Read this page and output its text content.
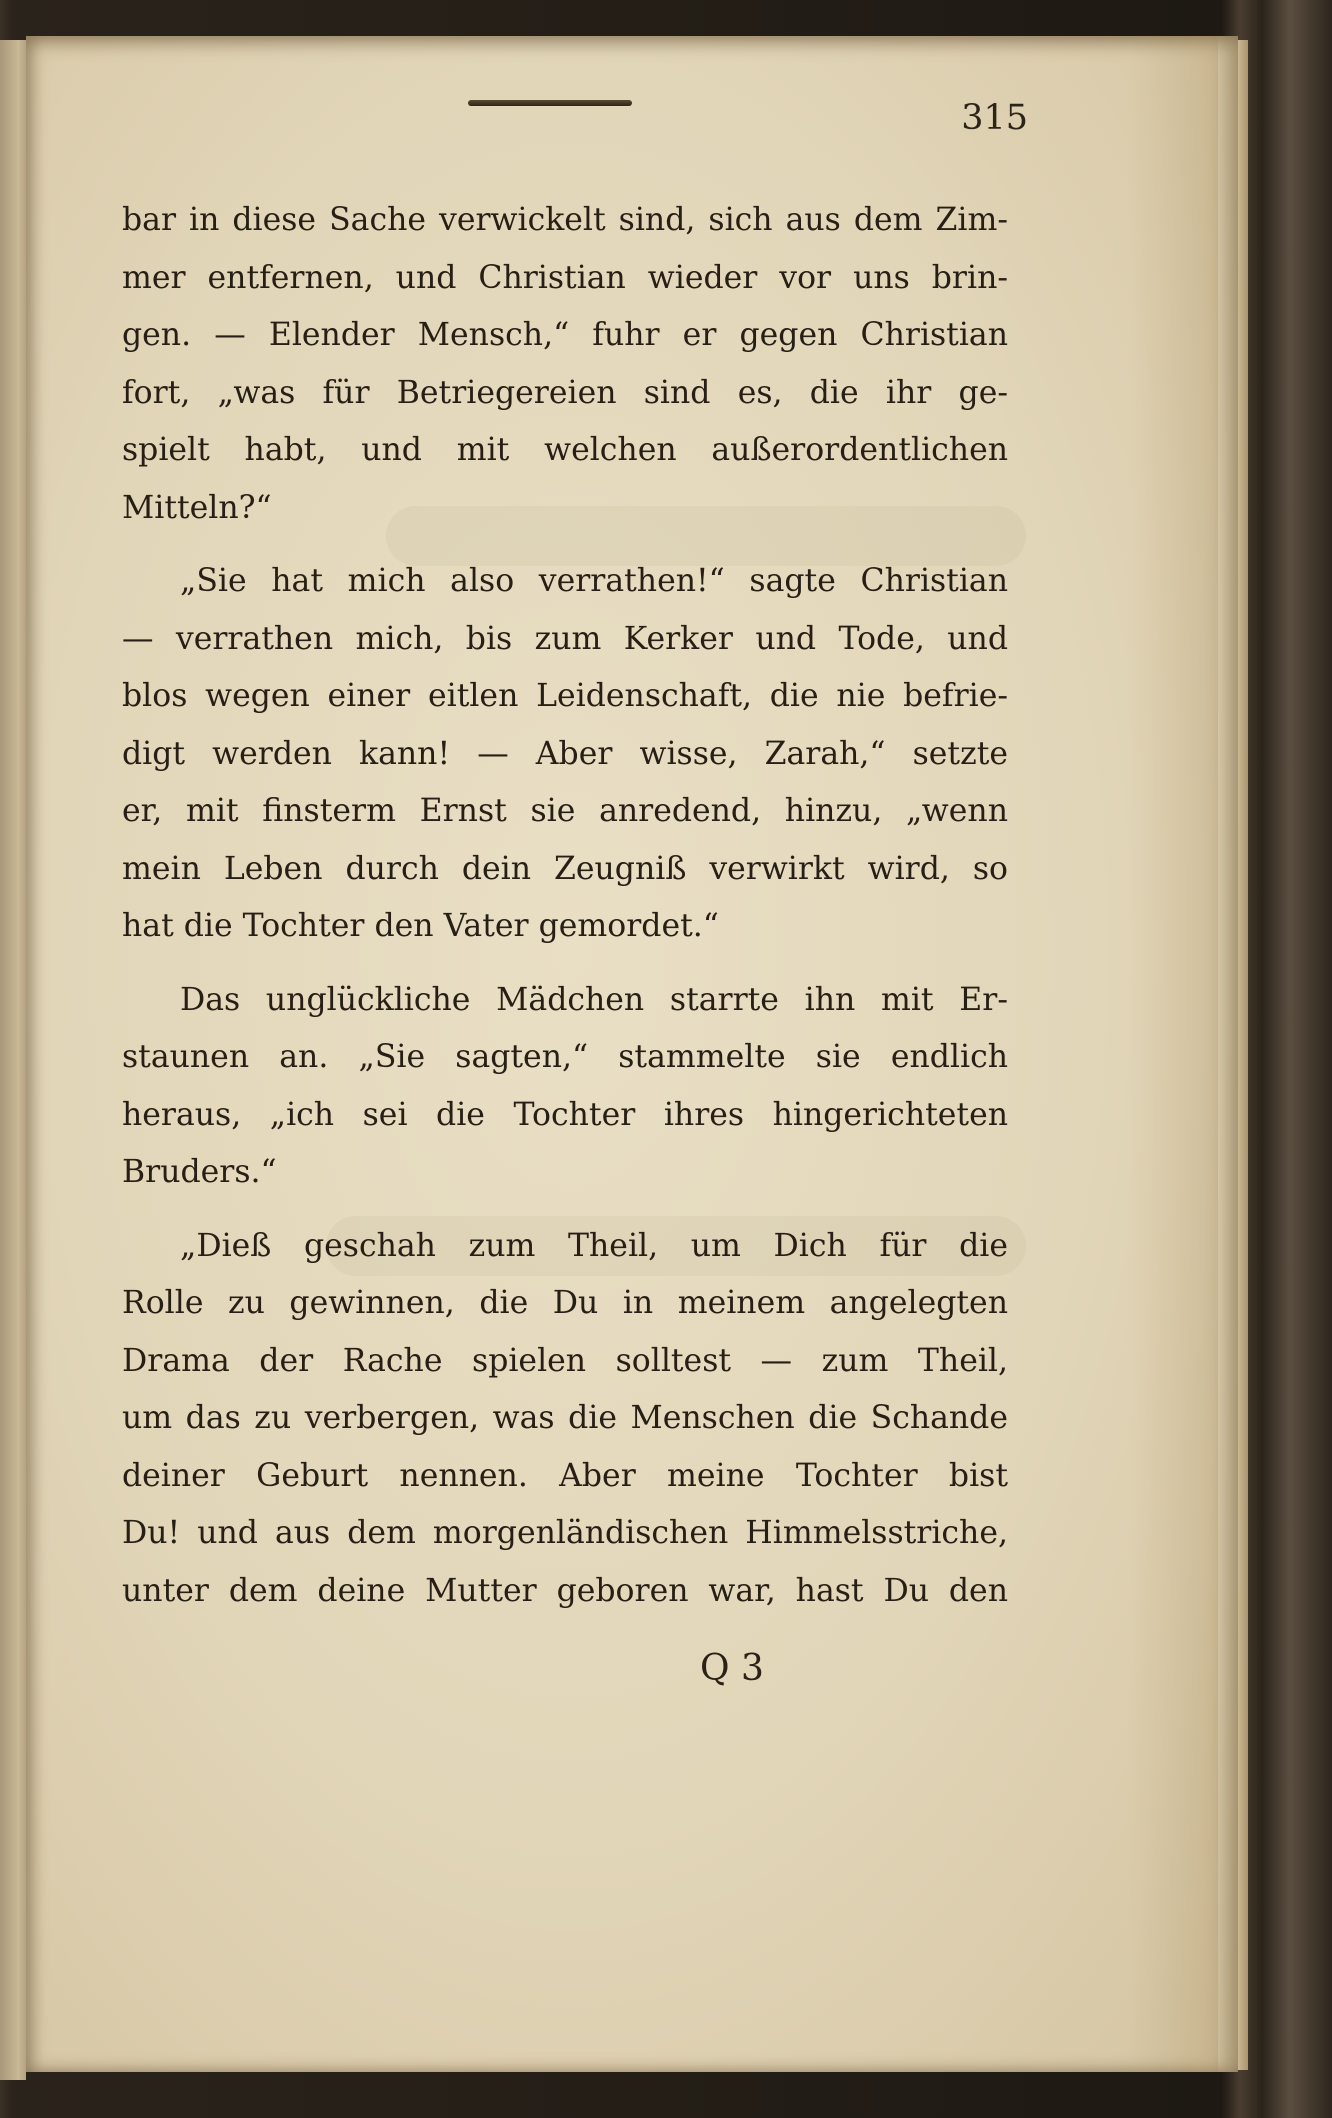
315
bar in diese Sache verwickelt sind, sich aus dem Zim-
mer entfernen, und Christian wieder vor uns brin-
gen. — Elender Mensch,“ fuhr er gegen Christian
fort, „was für Betriegereien sind es, die ihr ge-
spielt habt, und mit welchen außerordentlichen
Mitteln?“
„Sie hat mich also verrathen!“ sagte Christian
— verrathen mich, bis zum Kerker und Tode, und
blos wegen einer eitlen Leidenschaft, die nie befrie-
digt werden kann! — Aber wisse, Zarah,“ setzte
er, mit finsterm Ernst sie anredend, hinzu, „wenn
mein Leben durch dein Zeugniß verwirkt wird, so
hat die Tochter den Vater gemordet.“
Das unglückliche Mädchen starrte ihn mit Er-
staunen an. „Sie sagten,“ stammelte sie endlich
heraus, „ich sei die Tochter ihres hingerichteten
Bruders.“
„Dieß geschah zum Theil, um Dich für die
Rolle zu gewinnen, die Du in meinem angelegten
Drama der Rache spielen solltest — zum Theil,
um das zu verbergen, was die Menschen die Schande
deiner Geburt nennen. Aber meine Tochter bist
Du! und aus dem morgenländischen Himmelsstriche,
unter dem deine Mutter geboren war, hast Du den
Q 3
